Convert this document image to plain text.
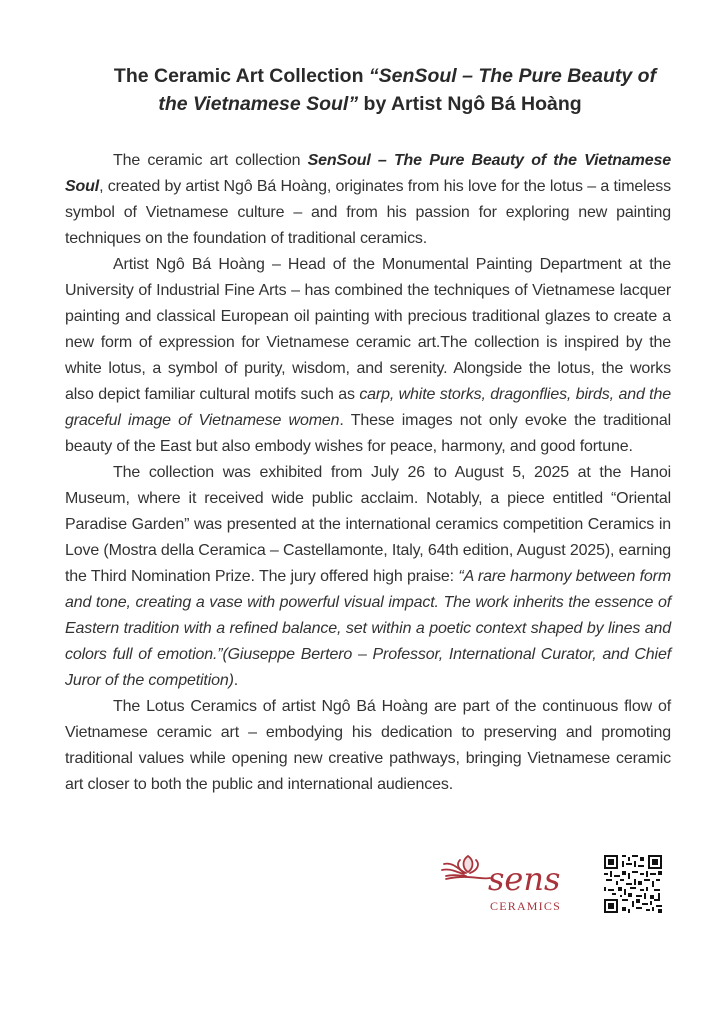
The Ceramic Art Collection “SenSoul – The Pure Beauty of
the Vietnamese Soul” by Artist Ngô Bá Hoàng

The ceramic art collection SenSoul – The Pure Beauty of the Vietnamese Soul, created by artist Ngô Bá Hoàng, originates from his love for the lotus – a timeless symbol of Vietnamese culture – and from his passion for exploring new painting techniques on the foundation of traditional ceramics.

Artist Ngô Bá Hoàng – Head of the Monumental Painting Department at the University of Industrial Fine Arts – has combined the techniques of Vietnamese lacquer painting and classical European oil painting with precious traditional glazes to create a new form of expression for Vietnamese ceramic art.The collection is inspired by the white lotus, a symbol of purity, wisdom, and serenity. Alongside the lotus, the works also depict familiar cultural motifs such as carp, white storks, dragonflies, birds, and the graceful image of Vietnamese women. These images not only evoke the traditional beauty of the East but also embody wishes for peace, harmony, and good fortune.

The collection was exhibited from July 26 to August 5, 2025 at the Hanoi Museum, where it received wide public acclaim. Notably, a piece entitled “Oriental Paradise Garden” was presented at the international ceramics competition Ceramics in Love (Mostra della Ceramica – Castellamonte, Italy, 64th edition, August 2025), earning the Third Nomination Prize. The jury offered high praise: “A rare harmony between form and tone, creating a vase with powerful visual impact. The work inherits the essence of Eastern tradition with a refined balance, set within a poetic context shaped by lines and colors full of emotion.”(Giuseppe Bertero – Professor, International Curator, and Chief Juror of the competition).

The Lotus Ceramics of artist Ngô Bá Hoàng are part of the continuous flow of Vietnamese ceramic art – embodying his dedication to preserving and promoting traditional values while opening new creative pathways, bringing Vietnamese ceramic art closer to both the public and international audiences.

sens
CERAMICS
